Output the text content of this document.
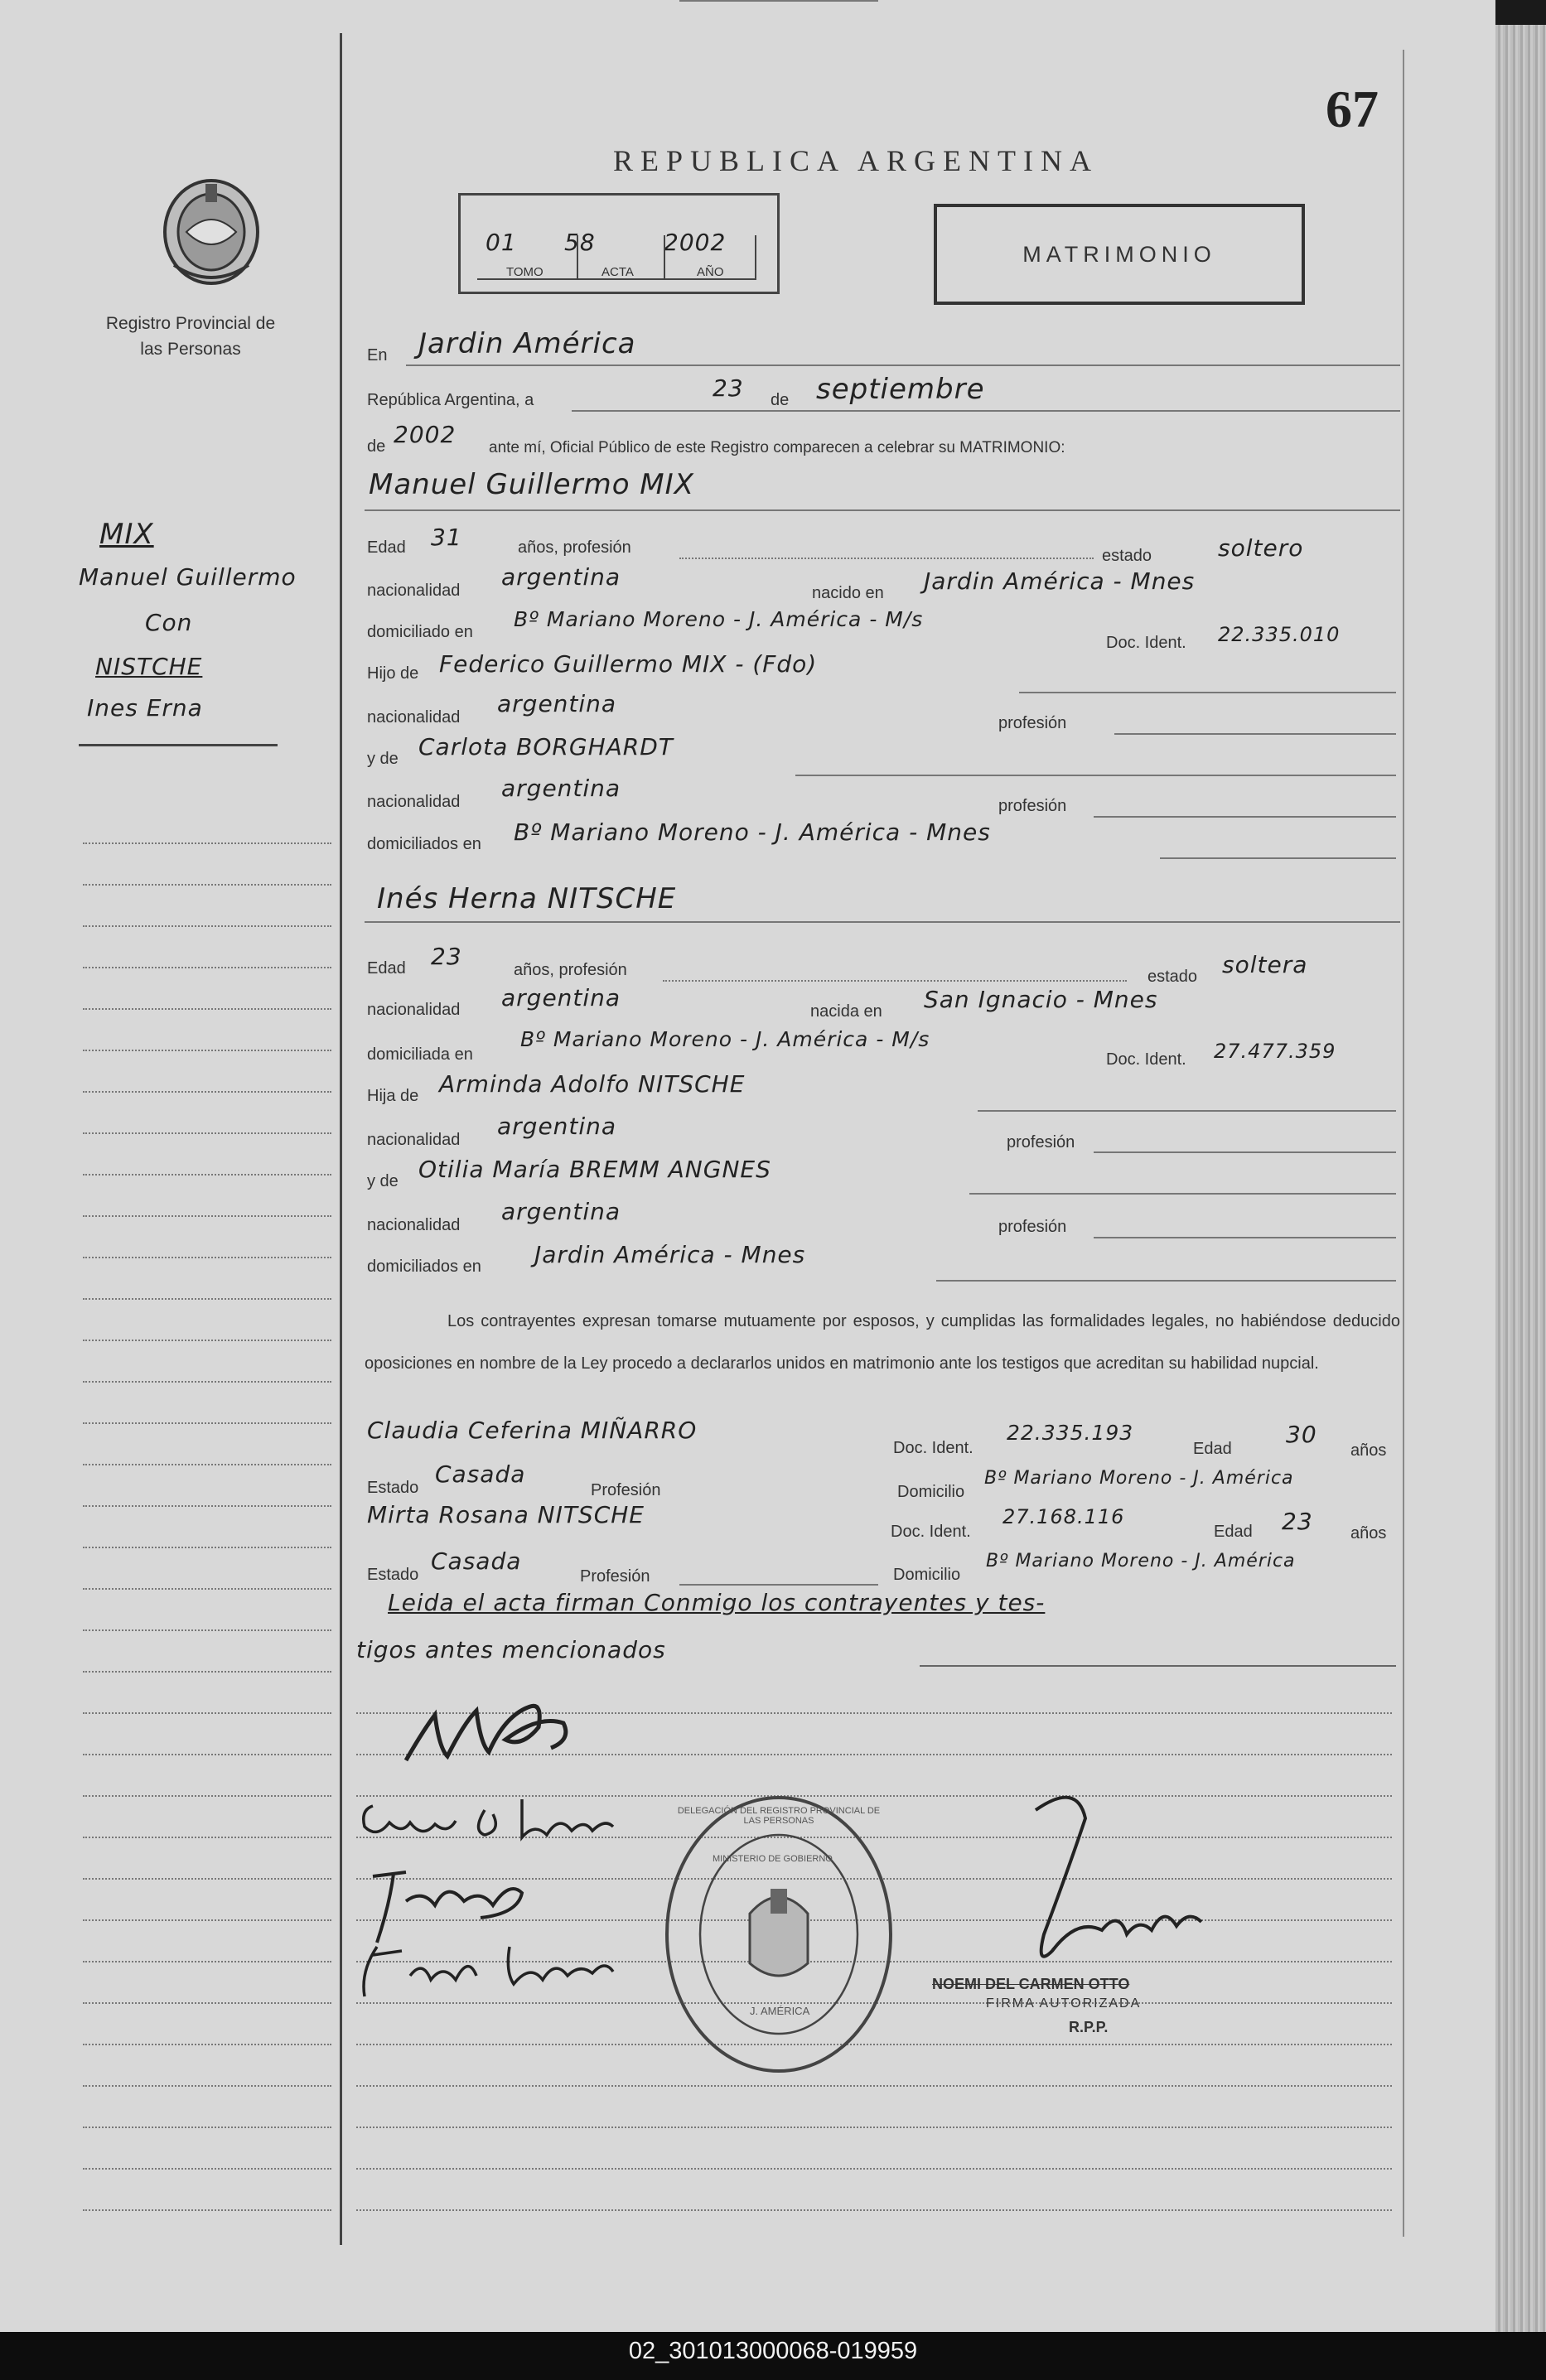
Registro Provincial de las Personas
67
REPUBLICA ARGENTINA
01 58	2002
TOMO	ACTA	AÑO
MATRIMONIO
MIX
Manuel Guillermo
Con
NISTCHE
Ines Erna
En Jardin América
República Argentina, a	23 de septiembre
de 2002 ante mí, Oficial Público de este Registro comparecen a celebrar su MATRIMONIO:
Manuel Guillermo MIX
Edad 31	años, profesión	estado	soltero
nacionalidad argentina
nacido en Jardin América - Mnes
domiciliado en
Bº Mariano Moreno - J. América - M/s
Doc. Ident. 22.335.010
Hijo de Federico Guillermo MIX - (Fdo)
nacionalidad argentina
profesión
y de Carlota BORGHARDT
nacionalidad argentina
profesión
domiciliados en Bº Mariano Moreno - J. América - Mnes
Inés Herna NITSCHE
Edad 23	años, profesión	estado soltera
nacionalidad argentina	nacida en San Ignacio - Mnes
domiciliada en
Bº Mariano Moreno - J. América - M/s
Doc. Ident. 27.477.359
Hija de Arminda Adolfo NITSCHE
nacionalidad argentina
profesión
y de Otilia María BREMM ANGNES
nacionalidad argentina
profesión
domiciliados en Jardin América - Mnes
Los contrayentes expresan tomarse mutuamente por esposos, y cumplidas las formalidades legales, no habiéndose deducido oposiciones en nombre de la Ley procedo a declararlos unidos en matrimonio ante los testigos que acreditan su habilidad nupcial.
Claudia Ceferina MIÑARRO
Doc. Ident.
22.335.193
Edad
30
años
Estado Casada
Profesión	Domicilio
Bº Mariano Moreno - J. América
Mirta Rosana NITSCHE
Doc. Ident.
27.168.116
Edad 23 años
Estado Casada
Profesión	Domicilio
Bº Mariano Moreno - J. América
Leida el acta firman Conmigo los contrayentes y tes-
tigos antes mencionados
DELEGACIÓN DEL REGISTRO PROVINCIAL DE LAS PERSONAS
MINISTERIO DE GOBIERNO
J. AMÉRICA
NOEMI DEL CARMEN OTTO
FIRMA AUTORIZADA
R.P.P.
02_301013000068-019959
